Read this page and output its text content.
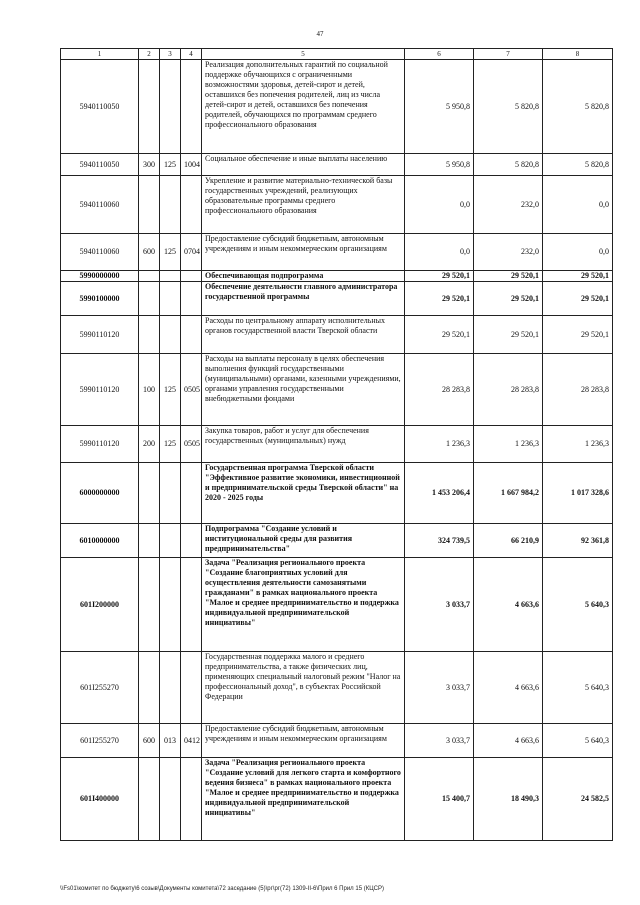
47
1	2	3	4	5	6	7	8
5940110050				Реализация дополнительных гарантий по социальной поддержке обучающихся с ограниченными возможностями здоровья, детей-сирот и детей, оставшихся без попечения родителей, лиц из числа детей-сирот и детей, оставшихся без попечения родителей, обучающихся по программам среднего профессионального образования	5 950,8	5 820,8	5 820,8
5940110050	300	125	1004	Социальное обеспечение и иные выплаты населению	5 950,8	5 820,8	5 820,8
5940110060				Укрепление и развитие материально-технической базы государственных учреждений, реализующих образовательные программы среднего профессионального образования	0,0	232,0	0,0
5940110060	600	125	0704	Предоставление субсидий бюджетным, автономным учреждениям и иным некоммерческим организациям	0,0	232,0	0,0
5990000000				Обеспечивающая подпрограмма	29 520,1	29 520,1	29 520,1
5990100000				Обеспечение деятельности главного администратора государственной программы	29 520,1	29 520,1	29 520,1
5990110120				Расходы по центральному аппарату исполнительных органов государственной власти Тверской области	29 520,1	29 520,1	29 520,1
5990110120	100	125	0505	Расходы на выплаты персоналу в целях обеспечения выполнения функций государственными (муниципальными) органами, казенными учреждениями, органами управления государственными внебюджетными фондами	28 283,8	28 283,8	28 283,8
5990110120	200	125	0505	Закупка товаров, работ и услуг для обеспечения государственных (муниципальных) нужд	1 236,3	1 236,3	1 236,3
6000000000				Государственная программа Тверской области "Эффективное развитие экономики, инвестиционной и предпринимательской среды Тверской области" на 2020 - 2025 годы	1 453 206,4	1 667 984,2	1 017 328,6
6010000000				Подпрограмма "Создание условий и институциональной среды для развития предпринимательства"	324 739,5	66 210,9	92 361,8
601I200000				Задача "Реализация регионального проекта "Создание благоприятных условий для осуществления деятельности самозанятыми гражданами" в рамках национального проекта "Малое и среднее предпринимательство и поддержка индивидуальной предпринимательской инициативы"	3 033,7	4 663,6	5 640,3
601I255270				Государственная поддержка малого и среднего предпринимательства, а также физических лиц, применяющих специальный налоговый режим "Налог на профессиональный доход", в субъектах Российской Федерации	3 033,7	4 663,6	5 640,3
601I255270	600	013	0412	Предоставление субсидий бюджетным, автономным учреждениям и иным некоммерческим организациям	3 033,7	4 663,6	5 640,3
601I400000				Задача "Реализация регионального проекта "Создание условий для легкого старта и комфортного ведения бизнеса" в рамках национального проекта "Малое и среднее предпринимательство и поддержка индивидуальной предпринимательской инициативы"	15 400,7	18 490,3	24 582,5
\\Fs01\комитет по бюджету\6 созыв\Документы комитета\72 заседание (5)\рг\рг(72) 1309-II-6\Прил 6 Прил 15 (КЦСР)
